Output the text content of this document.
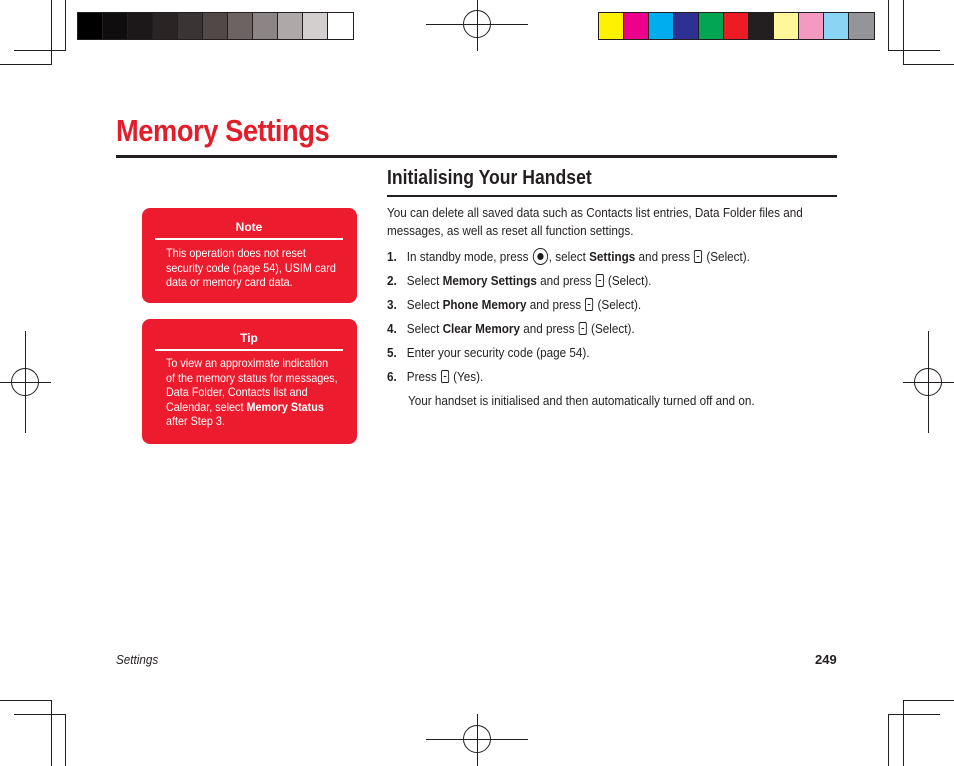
Memory Settings
Note
This operation does not reset
security code (page 54), USIM card
data or memory card data.
Tip
To view an approximate indication
of the memory status for messages,
Data Folder, Contacts list and
Calendar, select Memory Status
after Step 3.
Initialising Your Handset
You can delete all saved data such as Contacts list entries, Data Folder files and
messages, as well as reset all function settings.
1. In standby mode, press , select Settings and press (Select).
2. Select Memory Settings and press (Select).
3. Select Phone Memory and press (Select).
4. Select Clear Memory and press (Select).
5. Enter your security code (page 54).
6. Press (Yes).
Your handset is initialised and then automatically turned off and on.
Settings	249
